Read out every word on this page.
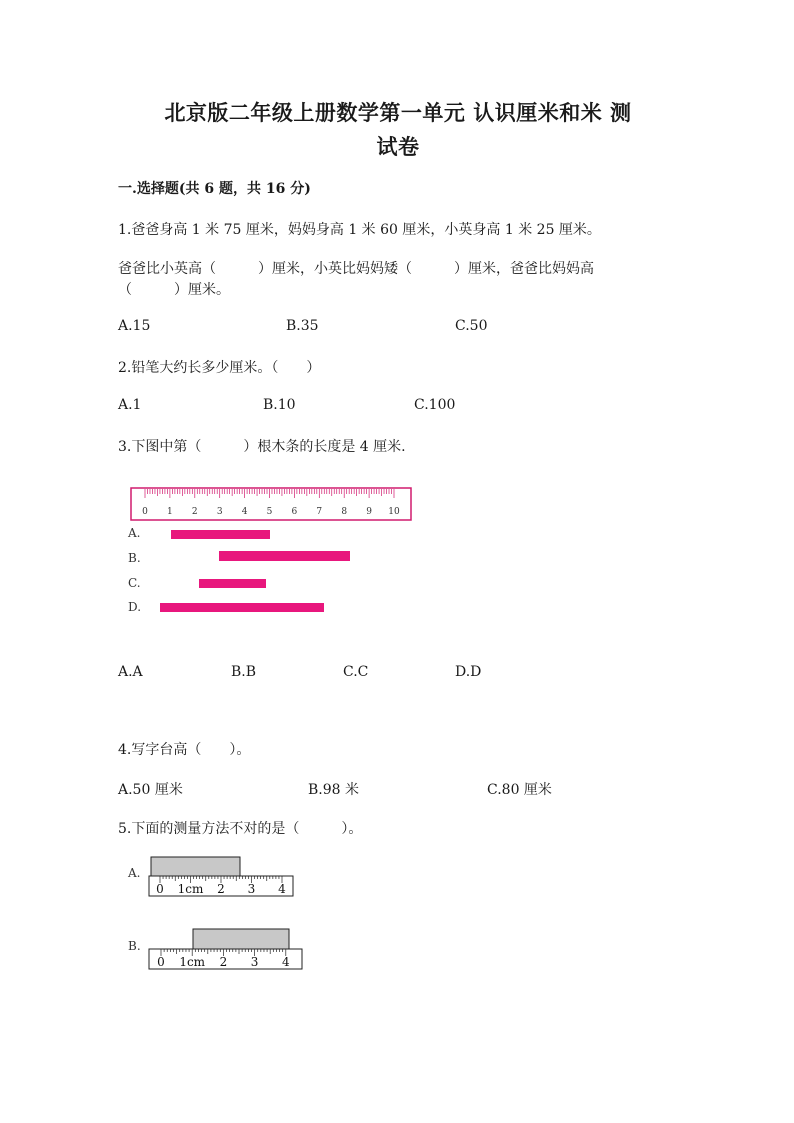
北京版二年级上册数学第一单元 认识厘米和米 测
试卷
一.选择题(共 6 题，共 16 分)
1.爸爸身高 1 米 75 厘米，妈妈身高 1 米 60 厘米，小英身高 1 米 25 厘米。
爸爸比小英高（　　　）厘米，小英比妈妈矮（　　　）厘米，爸爸比妈妈高
（　　　）厘米。
A.15	B.35	C.50
2.铅笔大约长多少厘米。（　　）
A.1	B.10	C.100
3.下图中第（　　　）根木条的长度是 4 厘米.
0 1 2 3 4 5 6 7 8 9 10
A.
B.
C.
D.
A.A	B.B	C.C	D.D
4.写字台高（　　）。
A.50 厘米	B.98 米	C.80 厘米
5.下面的测量方法不对的是（　　　）。
A.
0 1cm 2 3 4
B.
0 1cm 2 3 4
